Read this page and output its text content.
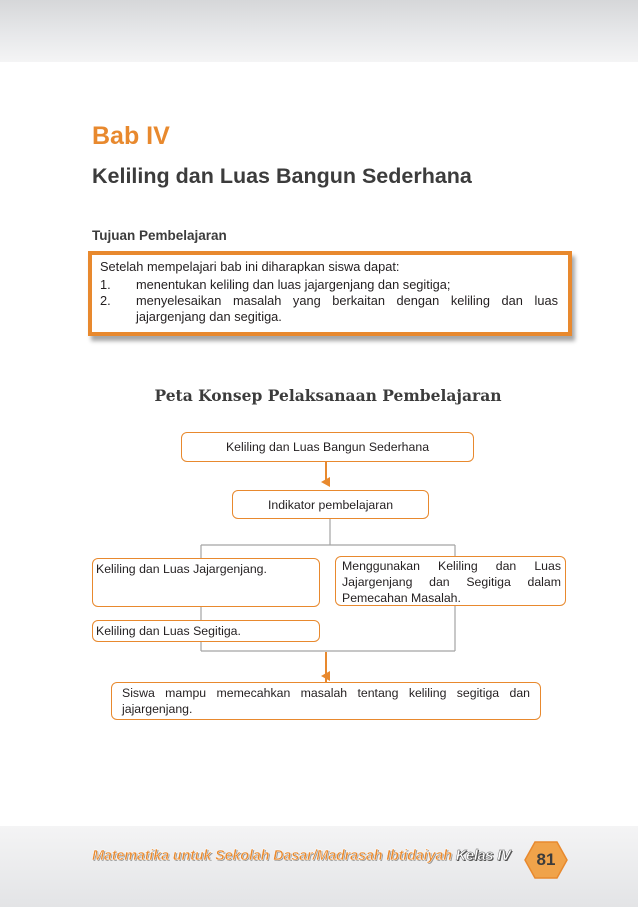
Bab IV
Keliling dan Luas Bangun Sederhana
Tujuan Pembelajaran
Setelah mempelajari bab ini diharapkan siswa dapat:
1.	menentukan keliling dan luas jajargenjang dan segitiga;
2.	menyelesaikan masalah yang berkaitan dengan keliling dan luas jajargenjang dan segitiga.
Peta Konsep Pelaksanaan Pembelajaran
Keliling dan Luas Bangun Sederhana
Indikator pembelajaran
Keliling dan Luas Jajargenjang.	Menggunakan Keliling dan Luas Jajargenjang dan Segitiga dalam Pemecahan Masalah.
Keliling dan Luas Segitiga.
Siswa mampu memecahkan masalah tentang keliling segitiga dan jajargenjang.
Matematika untuk Sekolah Dasar/Madrasah Ibtidaiyah Kelas IV	81
